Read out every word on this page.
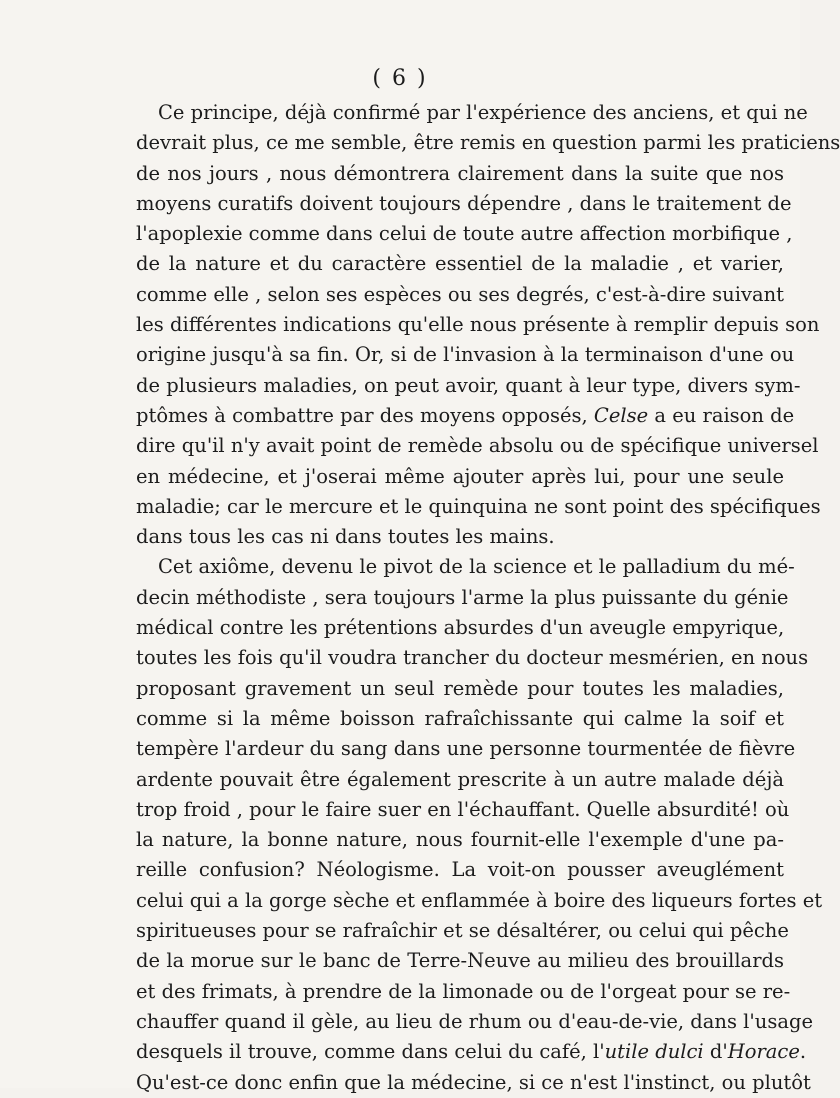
( 6 )
Ce principe, déjà confirmé par l'expérience des anciens, et qui ne
devrait plus, ce me semble, être remis en question parmi les praticiens
de nos jours , nous démontrera clairement dans la suite que nos
moyens curatifs doivent toujours dépendre , dans le traitement de
l'apoplexie comme dans celui de toute autre affection morbifique ,
de la nature et du caractère essentiel de la maladie , et varier,
comme elle , selon ses espèces ou ses degrés, c'est-à-dire suivant
les différentes indications qu'elle nous présente à remplir depuis son
origine jusqu'à sa fin. Or, si de l'invasion à la terminaison d'une ou
de plusieurs maladies, on peut avoir, quant à leur type, divers sym-
ptômes à combattre par des moyens opposés, Celse a eu raison de
dire qu'il n'y avait point de remède absolu ou de spécifique universel
en médecine, et j'oserai même ajouter après lui, pour une seule
maladie; car le mercure et le quinquina ne sont point des spécifiques
dans tous les cas ni dans toutes les mains.
Cet axiôme, devenu le pivot de la science et le palladium du mé-
decin méthodiste , sera toujours l'arme la plus puissante du génie
médical contre les prétentions absurdes d'un aveugle empyrique,
toutes les fois qu'il voudra trancher du docteur mesmérien, en nous
proposant gravement un seul remède pour toutes les maladies,
comme si la même boisson rafraîchissante qui calme la soif et
tempère l'ardeur du sang dans une personne tourmentée de fièvre
ardente pouvait être également prescrite à un autre malade déjà
trop froid , pour le faire suer en l'échauffant. Quelle absurdité! où
la nature, la bonne nature, nous fournit-elle l'exemple d'une pa-
reille confusion? Néologisme. La voit-on pousser aveuglément
celui qui a la gorge sèche et enflammée à boire des liqueurs fortes et
spiritueuses pour se rafraîchir et se désaltérer, ou celui qui pêche
de la morue sur le banc de Terre-Neuve au milieu des brouillards
et des frimats, à prendre de la limonade ou de l'orgeat pour se re-
chauffer quand il gèle, au lieu de rhum ou d'eau-de-vie, dans l'usage
desquels il trouve, comme dans celui du café, l'utile dulci d'Horace.
Qu'est-ce donc enfin que la médecine, si ce n'est l'instinct, ou plutôt
